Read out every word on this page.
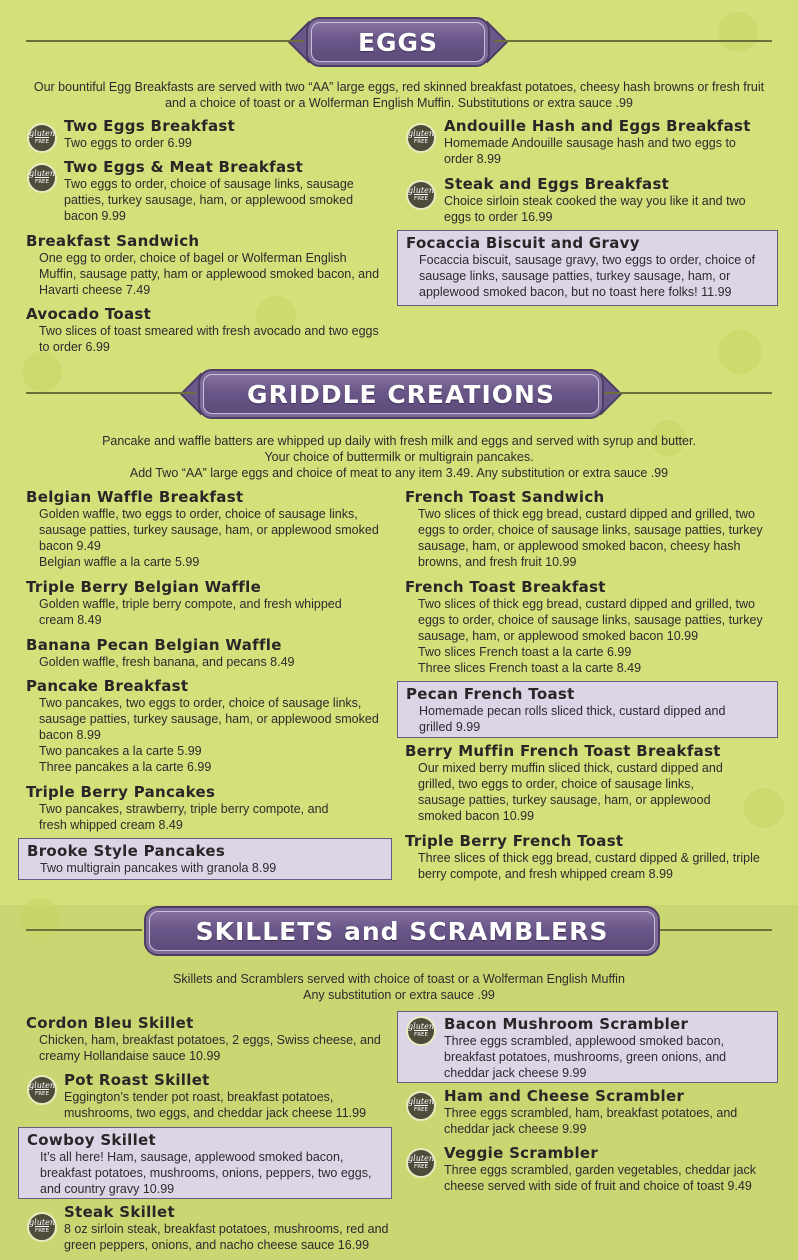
EGGS
Our bountiful Egg Breakfasts are served with two “AA” large eggs, red skinned breakfast potatoes, cheesy hash browns or fresh fruit and a choice of toast or a Wolferman English Muffin. Substitutions or extra sauce .99
gluten
FREE
Two Eggs Breakfast
Two eggs to order 6.99
gluten
FREE
Two Eggs & Meat Breakfast
Two eggs to order, choice of sausage links, sausage patties, turkey sausage, ham, or applewood smoked bacon 9.99
Breakfast Sandwich
One egg to order, choice of bagel or Wolferman English Muffin, sausage patty, ham or applewood smoked bacon, and Havarti cheese 7.49
Avocado Toast
Two slices of toast smeared with fresh avocado and two eggs to order 6.99
gluten
FREE
Andouille Hash and Eggs Breakfast
Homemade Andouille sausage hash and two eggs to order 8.99
gluten
FREE
Steak and Eggs Breakfast
Choice sirloin steak cooked the way you like it and two eggs to order 16.99
Focaccia Biscuit and Gravy
Focaccia biscuit, sausage gravy, two eggs to order, choice of sausage links, sausage patties, turkey sausage, ham, or applewood smoked bacon, but no toast here folks! 11.99
GRIDDLE CREATIONS
Pancake and waffle batters are whipped up daily with fresh milk and eggs and served with syrup and butter.
Your choice of buttermilk or multigrain pancakes.
Add Two “AA” large eggs and choice of meat to any item 3.49. Any substitution or extra sauce .99
Belgian Waffle Breakfast
Golden waffle, two eggs to order, choice of sausage links, sausage patties, turkey sausage, ham, or applewood smoked bacon 9.49
Belgian waffle a la carte 5.99
Triple Berry Belgian Waffle
Golden waffle, triple berry compote, and fresh whipped cream 8.49
Banana Pecan Belgian Waffle
Golden waffle, fresh banana, and pecans 8.49
Pancake Breakfast
Two pancakes, two eggs to order, choice of sausage links, sausage patties, turkey sausage, ham, or applewood smoked bacon 8.99
Two pancakes a la carte 5.99
Three pancakes a la carte 6.99
Triple Berry Pancakes
Two pancakes, strawberry, triple berry compote, and fresh whipped cream 8.49
Brooke Style Pancakes
Two multigrain pancakes with granola 8.99
French Toast Sandwich
Two slices of thick egg bread, custard dipped and grilled, two eggs to order, choice of sausage links, sausage patties, turkey sausage, ham, or applewood smoked bacon, cheesy hash browns, and fresh fruit 10.99
French Toast Breakfast
Two slices of thick egg bread, custard dipped and grilled, two eggs to order, choice of sausage links, sausage patties, turkey sausage, ham, or applewood smoked bacon 10.99
Two slices French toast a la carte 6.99
Three slices French toast a la carte 8.49
Pecan French Toast
Homemade pecan rolls sliced thick, custard dipped and grilled 9.99
Berry Muffin French Toast Breakfast
Our mixed berry muffin sliced thick, custard dipped and grilled, two eggs to order, choice of sausage links, sausage patties, turkey sausage, ham, or applewood smoked bacon 10.99
Triple Berry French Toast
Three slices of thick egg bread, custard dipped & grilled, triple berry compote, and fresh whipped cream 8.99
SKILLETS and SCRAMBLERS
Skillets and Scramblers served with choice of toast or a Wolferman English Muffin
Any substitution or extra sauce .99
Cordon Bleu Skillet
Chicken, ham, breakfast potatoes, 2 eggs, Swiss cheese, and creamy Hollandaise sauce 10.99
gluten
FREE
Pot Roast Skillet
Eggington’s tender pot roast, breakfast potatoes, mushrooms, two eggs, and cheddar jack cheese 11.99
Cowboy Skillet
It’s all here! Ham, sausage, applewood smoked bacon, breakfast potatoes, mushrooms, onions, peppers, two eggs, and country gravy 10.99
gluten
FREE
Steak Skillet
8 oz sirloin steak, breakfast potatoes, mushrooms, red and green peppers, onions, and nacho cheese sauce 16.99
Bacon Mushroom Scrambler
Three eggs scrambled, applewood smoked bacon, breakfast potatoes, mushrooms, green onions, and cheddar jack cheese 9.99
gluten
FREE
gluten
FREE
Ham and Cheese Scrambler
Three eggs scrambled, ham, breakfast potatoes, and cheddar jack cheese 9.99
gluten
FREE
Veggie Scrambler
Three eggs scrambled, garden vegetables, cheddar jack cheese served with side of fruit and choice of toast 9.49
